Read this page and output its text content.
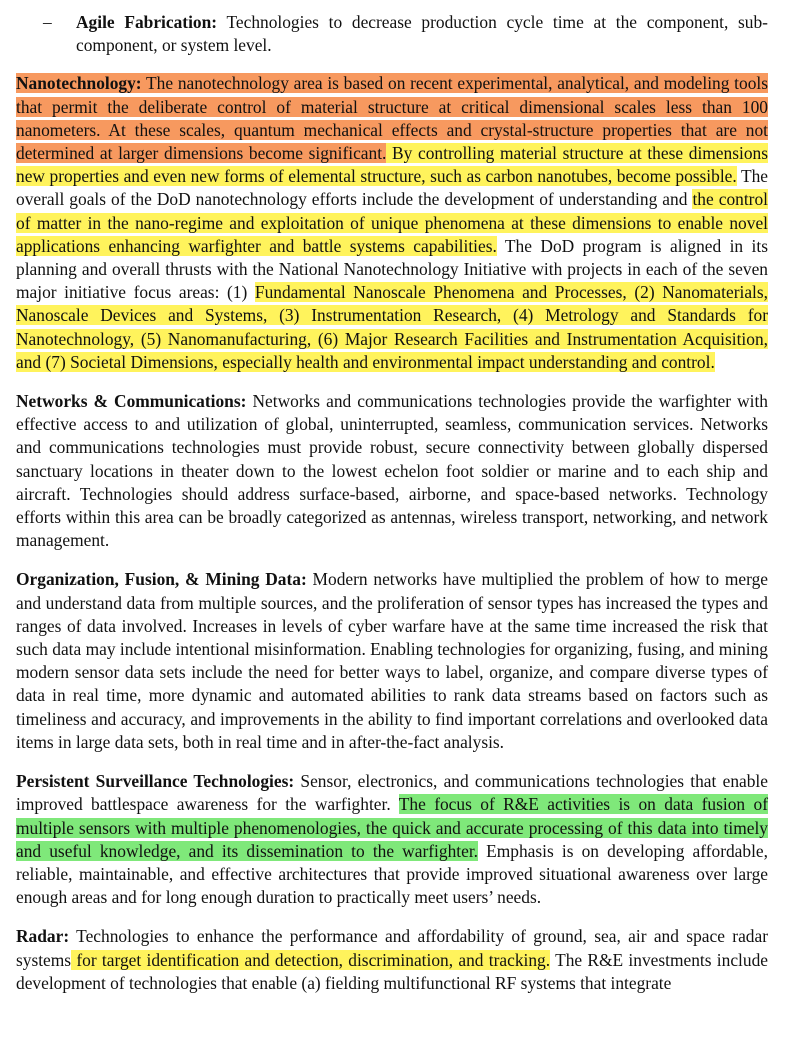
– Agile Fabrication: Technologies to decrease production cycle time at the component, sub-component, or system level.

Nanotechnology: The nanotechnology area is based on recent experimental, analytical, and modeling tools that permit the deliberate control of material structure at critical dimensional scales less than 100 nanometers. At these scales, quantum mechanical effects and crystal-structure properties that are not determined at larger dimensions become significant. By controlling material structure at these dimensions new properties and even new forms of elemental structure, such as carbon nanotubes, become possible. The overall goals of the DoD nanotechnology efforts include the development of understanding and the control of matter in the nano-regime and exploitation of unique phenomena at these dimensions to enable novel applications enhancing warfighter and battle systems capabilities. The DoD program is aligned in its planning and overall thrusts with the National Nanotechnology Initiative with projects in each of the seven major initiative focus areas: (1) Fundamental Nanoscale Phenomena and Processes, (2) Nanomaterials, Nanoscale Devices and Systems, (3) Instrumentation Research, (4) Metrology and Standards for Nanotechnology, (5) Nanomanufacturing, (6) Major Research Facilities and Instrumentation Acquisition, and (7) Societal Dimensions, especially health and environmental impact understanding and control.

Networks & Communications: Networks and communications technologies provide the warfighter with effective access to and utilization of global, uninterrupted, seamless, communication services. Networks and communications technologies must provide robust, secure connectivity between globally dispersed sanctuary locations in theater down to the lowest echelon foot soldier or marine and to each ship and aircraft. Technologies should address surface-based, airborne, and space-based networks. Technology efforts within this area can be broadly categorized as antennas, wireless transport, networking, and network management.

Organization, Fusion, & Mining Data: Modern networks have multiplied the problem of how to merge and understand data from multiple sources, and the proliferation of sensor types has increased the types and ranges of data involved. Increases in levels of cyber warfare have at the same time increased the risk that such data may include intentional misinformation. Enabling technologies for organizing, fusing, and mining modern sensor data sets include the need for better ways to label, organize, and compare diverse types of data in real time, more dynamic and automated abilities to rank data streams based on factors such as timeliness and accuracy, and improvements in the ability to find important correlations and overlooked data items in large data sets, both in real time and in after-the-fact analysis.

Persistent Surveillance Technologies: Sensor, electronics, and communications technologies that enable improved battlespace awareness for the warfighter. The focus of R&E activities is on data fusion of multiple sensors with multiple phenomenologies, the quick and accurate processing of this data into timely and useful knowledge, and its dissemination to the warfighter. Emphasis is on developing affordable, reliable, maintainable, and effective architectures that provide improved situational awareness over large enough areas and for long enough duration to practically meet users’ needs.

Radar: Technologies to enhance the performance and affordability of ground, sea, air and space radar systems for target identification and detection, discrimination, and tracking. The R&E investments include development of technologies that enable (a) fielding multifunctional RF systems that integrate
